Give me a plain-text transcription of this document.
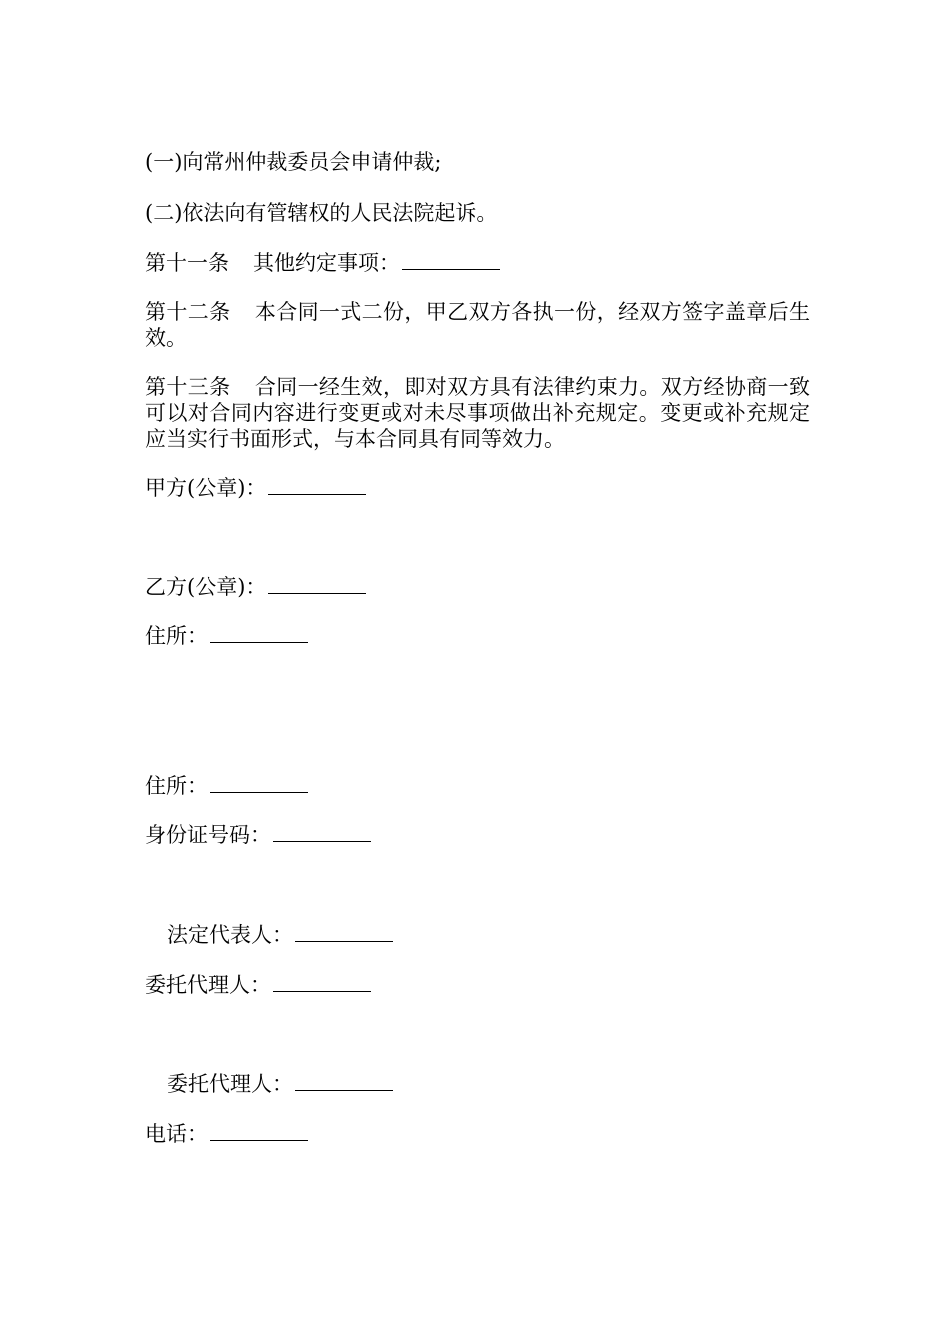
(一)向常州仲裁委员会申请仲裁;
(二)依法向有管辖权的人民法院起诉。
第十一条 其他约定事项：
第十二条 本合同一式二份，甲乙双方各执一份，经双方签字盖章后生效。
第十三条 合同一经生效，即对双方具有法律约束力。双方经协商一致可以对合同内容进行变更或对未尽事项做出补充规定。变更或补充规定应当实行书面形式，与本合同具有同等效力。
甲方(公章)：
乙方(公章)：
住所：
住所：
身份证号码：
法定代表人：
委托代理人：
委托代理人：
电话：
